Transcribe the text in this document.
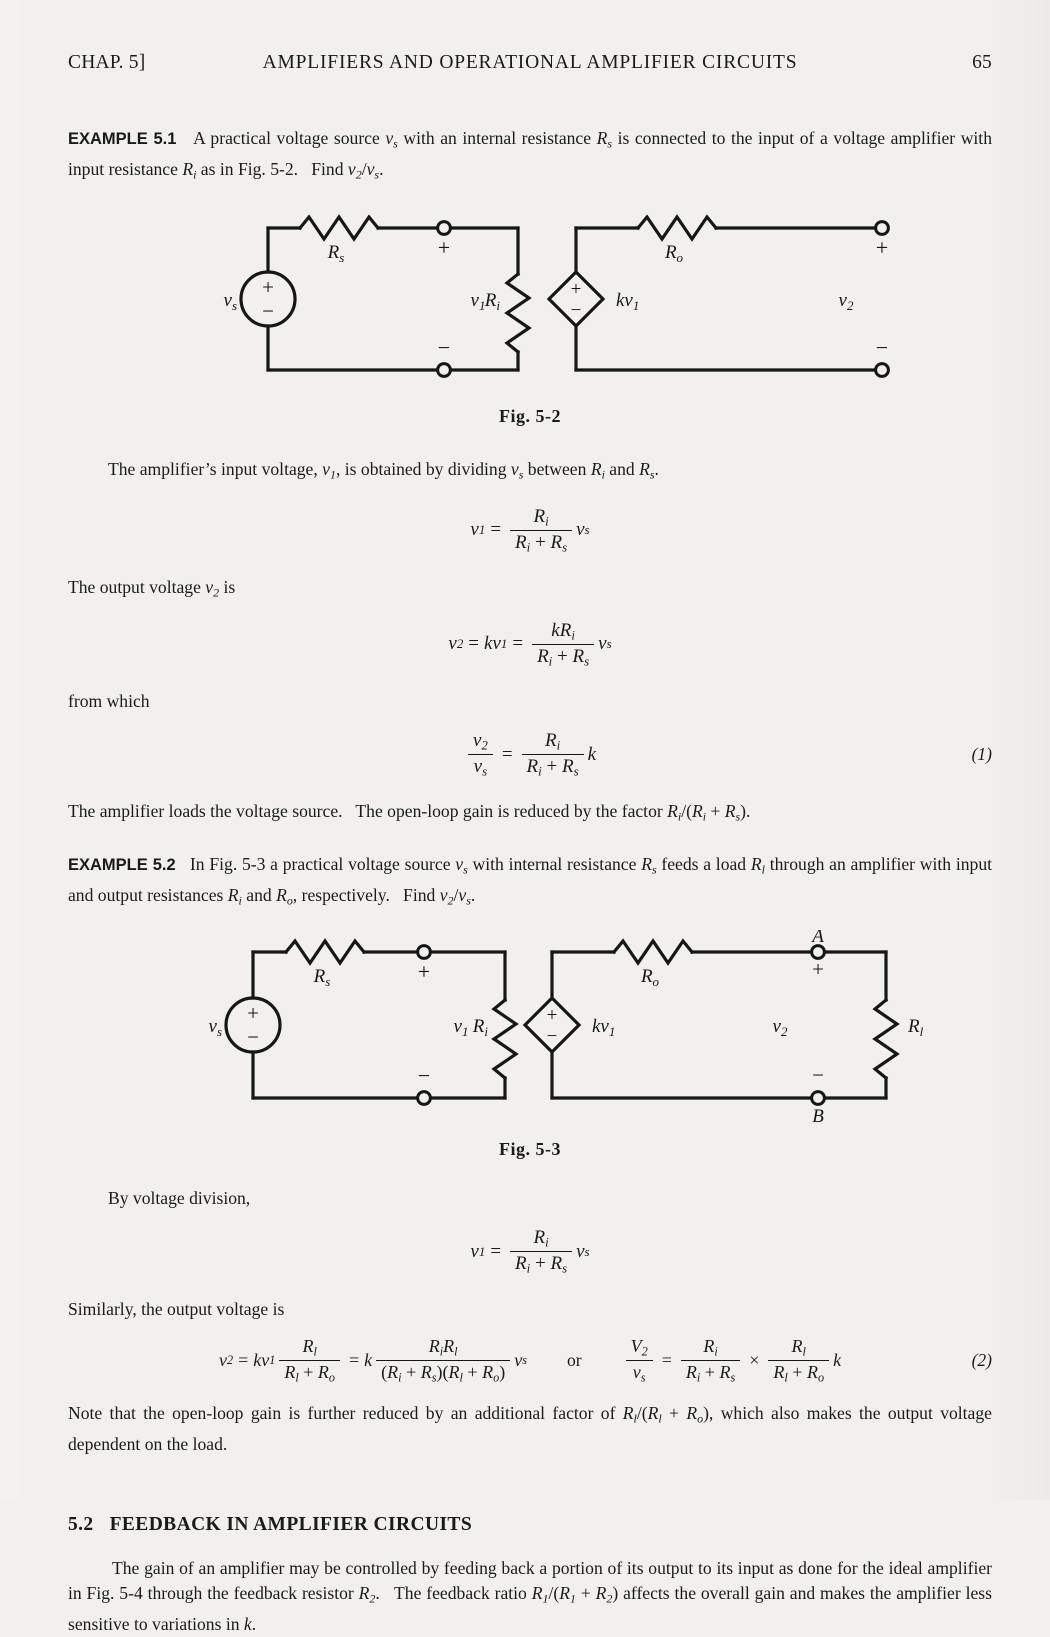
CHAP. 5]	AMPLIFIERS AND OPERATIONAL AMPLIFIER CIRCUITS	65

EXAMPLE 5.1   A practical voltage source $v_s$ with an internal resistance $R_s$ is connected to the input of a voltage amplifier with input resistance $R_i$ as in Fig. 5-2.   Find $v_2/v_s$.

+
−
$v_s$
$R_s$	+
−
$v_1$ $R_i$
+
− $kv_1$
$R_o$	+
−
$v_2$
Fig. 5-2

The amplifier’s input voltage, $v_1$, is obtained by dividing $v_s$ between $R_i$ and $R_s$.

v $1 = \frac{R_i}{R_i + R_s}$ v s

The output voltage $v_2$ is

v 2 = kv $1 = \frac{kR_i}{R_i + R_s}$ v s

from which

$\frac{v_2}{v_s} = \frac{R_i}{R_i + R_s}$ k	(1)

The amplifier loads the voltage source.   The open-loop gain is reduced by the factor $R_i/(R_i + R_s)$.

EXAMPLE 5.2   In Fig. 5-3 a practical voltage source $v_s$ with internal resistance $R_s$ feeds a load $R_l$ through an amplifier with input and output resistances $R_i$ and $R_o$, respectively.   Find $v_2/v_s$.

+
−
$v_s$
$R_s$	+
−
$v_1$ $R_i$
+
− $kv_1$
$R_o$
A
+
−
B
$v_2$	$R_l$
Fig. 5-3

By voltage division,

v $1 = \frac{R_i}{R_i + R_s}$ v s

Similarly, the output voltage is

v 2 = kv $1 \frac{R_l}{R_l + R_o} = k \frac{R_iR_l}{(R_i + R_s)(R_l + R_o)}$ v s or $\frac{V_2}{v_s} = \frac{R_i}{R_i + R_s} \times \frac{R_l}{R_l + R_o}$ k	(2)

Note that the open-loop gain is further reduced by an additional factor of $R_l/(R_l + R_o)$, which also makes the output voltage dependent on the load.

5.2 FEEDBACK IN AMPLIFIER CIRCUITS

The gain of an amplifier may be controlled by feeding back a portion of its output to its input as done for the ideal amplifier in Fig. 5-4 through the feedback resistor $R_2$.   The feedback ratio $R_1/(R_1 + R_2)$ affects the overall gain and makes the amplifier less sensitive to variations in k.
